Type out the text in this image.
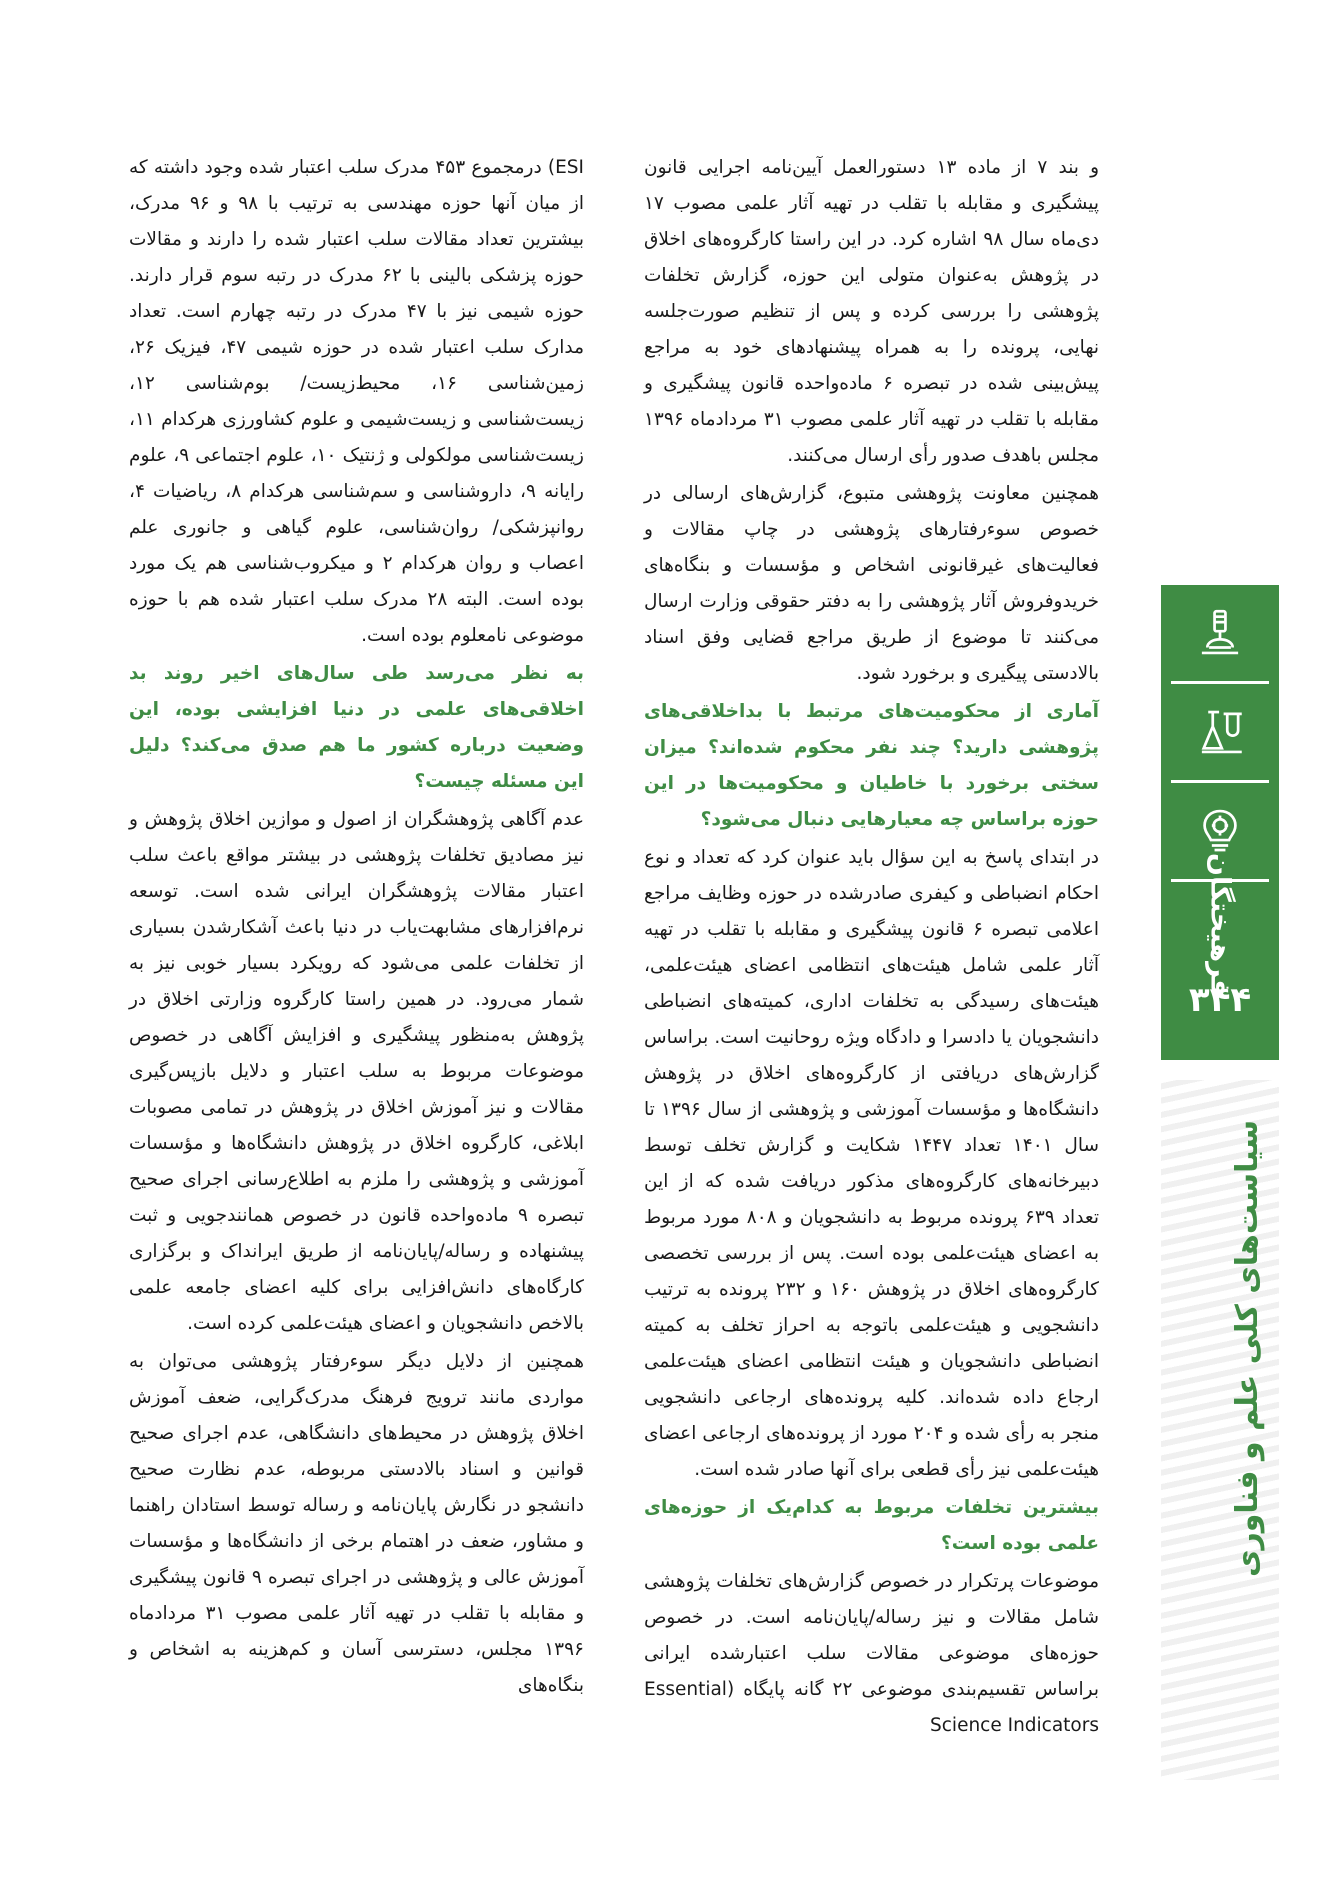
فرهیختگان
۳۴۴
سیاست‌های کلی علم و فناوری

و بند ۷ از ماده ۱۳ دستورالعمل آیین‌نامه اجرایی قانون پیشگیری و مقابله با تقلب در تهیه آثار علمی مصوب ۱۷ دی‌ماه سال ۹۸ اشاره کرد. در این راستا کارگروه‌های اخلاق در پژوهش به‌عنوان متولی این حوزه، گزارش تخلفات پژوهشی را بررسی کرده و پس از تنظیم صورت‌جلسه نهایی، پرونده را به همراه پیشنهادهای خود به مراجع پیش‌بینی شده در تبصره ۶ ماده‌واحده قانون پیشگیری و مقابله با تقلب در تهیه آثار علمی مصوب ۳۱ مردادماه ۱۳۹۶ مجلس باهدف صدور رأی ارسال می‌کنند.

همچنین معاونت پژوهشی متبوع، گزارش‌های ارسالی در خصوص سوء‌رفتارهای پژوهشی در چاپ مقالات و فعالیت‌های غیرقانونی اشخاص و مؤسسات و بنگاه‌های خریدوفروش آثار پژوهشی را به دفتر حقوقی وزارت ارسال می‌کنند تا موضوع از طریق مراجع قضایی وفق اسناد بالادستی پیگیری و برخورد شود.

آماری از محکومیت‌های مرتبط با بداخلاقی‌های پژوهشی دارید؟ چند نفر محکوم شده‌اند؟ میزان سختی برخورد با خاطیان و محکومیت‌ها در این حوزه براساس چه معیارهایی دنبال می‌شود؟

در ابتدای پاسخ به این سؤال باید عنوان کرد که تعداد و نوع احکام انضباطی و کیفری صادرشده در حوزه وظایف مراجع اعلامی تبصره ۶ قانون پیشگیری و مقابله با تقلب در تهیه آثار علمی شامل هیئت‌های انتظامی اعضای هیئت‌علمی، هیئت‌های رسیدگی به تخلفات اداری، کمیته‌های انضباطی دانشجویان یا دادسرا و دادگاه ویژه روحانیت است. براساس گزارش‌های دریافتی از کارگروه‌های اخلاق در پژوهش دانشگاه‌ها و مؤسسات آموزشی و پژوهشی از سال ۱۳۹۶ تا سال ۱۴۰۱ تعداد ۱۴۴۷ شکایت و گزارش تخلف توسط دبیرخانه‌های کارگروه‌های مذکور دریافت شده که از این تعداد ۶۳۹ پرونده مربوط به دانشجویان و ۸۰۸ مورد مربوط به اعضای هیئت‌علمی بوده است. پس از بررسی تخصصی کارگروه‌های اخلاق در پژوهش ۱۶۰ و ۲۳۲ پرونده به ترتیب دانشجویی و هیئت‌علمی باتوجه به احراز تخلف به کمیته انضباطی دانشجویان و هیئت انتظامی اعضای هیئت‌علمی ارجاع داده شده‌اند. کلیه پرونده‌های ارجاعی دانشجویی منجر به رأی شده و ۲۰۴ مورد از پرونده‌های ارجاعی اعضای هیئت‌علمی نیز رأی قطعی برای آنها صادر شده است.

بیشترین تخلفات مربوط به کدام‌یک از حوزه‌های علمی بوده است؟

موضوعات پرتکرار در خصوص گزارش‌های تخلفات پژوهشی شامل مقالات و نیز رساله/پایان‌نامه است. در خصوص حوزه‌های موضوعی مقالات سلب اعتبارشده ایرانی براساس تقسیم‌بندی موضوعی ۲۲ گانه پایگاه (Essential Science Indicators

ESI) درمجموع ۴۵۳ مدرک سلب اعتبار شده وجود داشته که از میان آنها حوزه مهندسی به ترتیب با ۹۸ و ۹۶ مدرک، بیشترین تعداد مقالات سلب اعتبار شده را دارند و مقالات حوزه پزشکی بالینی با ۶۲ مدرک در رتبه سوم قرار دارند. حوزه شیمی نیز با ۴۷ مدرک در رتبه چهارم است. تعداد مدارک سلب اعتبار شده در حوزه شیمی ۴۷، فیزیک ۲۶، زمین‌شناسی ۱۶، محیط‌زیست/ بوم‌شناسی ۱۲، زیست‌شناسی و زیست‌شیمی و علوم کشاورزی هرکدام ۱۱، زیست‌شناسی مولکولی و ژنتیک ۱۰، علوم اجتماعی ۹، علوم رایانه ۹، داروشناسی و سم‌شناسی هرکدام ۸، ریاضیات ۴، روانپزشکی/ روان‌شناسی، علوم گیاهی و جانوری علم اعصاب و روان هرکدام ۲ و میکروب‌شناسی هم یک مورد بوده است. البته ۲۸ مدرک سلب اعتبار شده هم با حوزه موضوعی نامعلوم بوده است.

به نظر می‌رسد طی سال‌های اخیر روند بد اخلاقی‌های علمی در دنیا افزایشی بوده، این وضعیت درباره کشور ما هم صدق می‌کند؟ دلیل این مسئله چیست؟

عدم آگاهی پژوهشگران از اصول و موازین اخلاق پژوهش و نیز مصادیق تخلفات پژوهشی در بیشتر مواقع باعث سلب اعتبار مقالات پژوهشگران ایرانی شده است. توسعه نرم‌افزارهای مشابهت‌یاب در دنیا باعث آشکارشدن بسیاری از تخلفات علمی می‌شود که رویکرد بسیار خوبی نیز به شمار می‌رود. در همین راستا کارگروه وزارتی اخلاق در پژوهش به‌منظور پیشگیری و افزایش آگاهی در خصوص موضوعات مربوط به سلب اعتبار و دلایل بازپس‌گیری مقالات و نیز آموزش اخلاق در پژوهش در تمامی مصوبات ابلاغی، کارگروه اخلاق در پژوهش دانشگاه‌ها و مؤسسات آموزشی و پژوهشی را ملزم به اطلاع‌رسانی اجرای صحیح تبصره ۹ ماده‌واحده قانون در خصوص همانندجویی و ثبت پیشنهاده و رساله/پایان‌نامه از طریق ایرانداک و برگزاری کارگاه‌های دانش‌افزایی برای کلیه اعضای جامعه علمی بالاخص دانشجویان و اعضای هیئت‌علمی کرده است.

همچنین از دلایل دیگر سوءرفتار پژوهشی می‌توان به مواردی مانند ترویج فرهنگ مدرک‌گرایی، ضعف آموزش اخلاق پژوهش در محیط‌های دانشگاهی، عدم اجرای صحیح قوانین و اسناد بالادستی مربوطه، عدم نظارت صحیح دانشجو در نگارش پایان‌نامه و رساله توسط استادان راهنما و مشاور، ضعف در اهتمام برخی از دانشگاه‌ها و مؤسسات آموزش عالی و پژوهشی در اجرای تبصره ۹ قانون پیشگیری و مقابله با تقلب در تهیه آثار علمی مصوب ۳۱ مردادماه ۱۳۹۶ مجلس، دسترسی آسان و کم‌هزینه به اشخاص و بنگاه‌های
